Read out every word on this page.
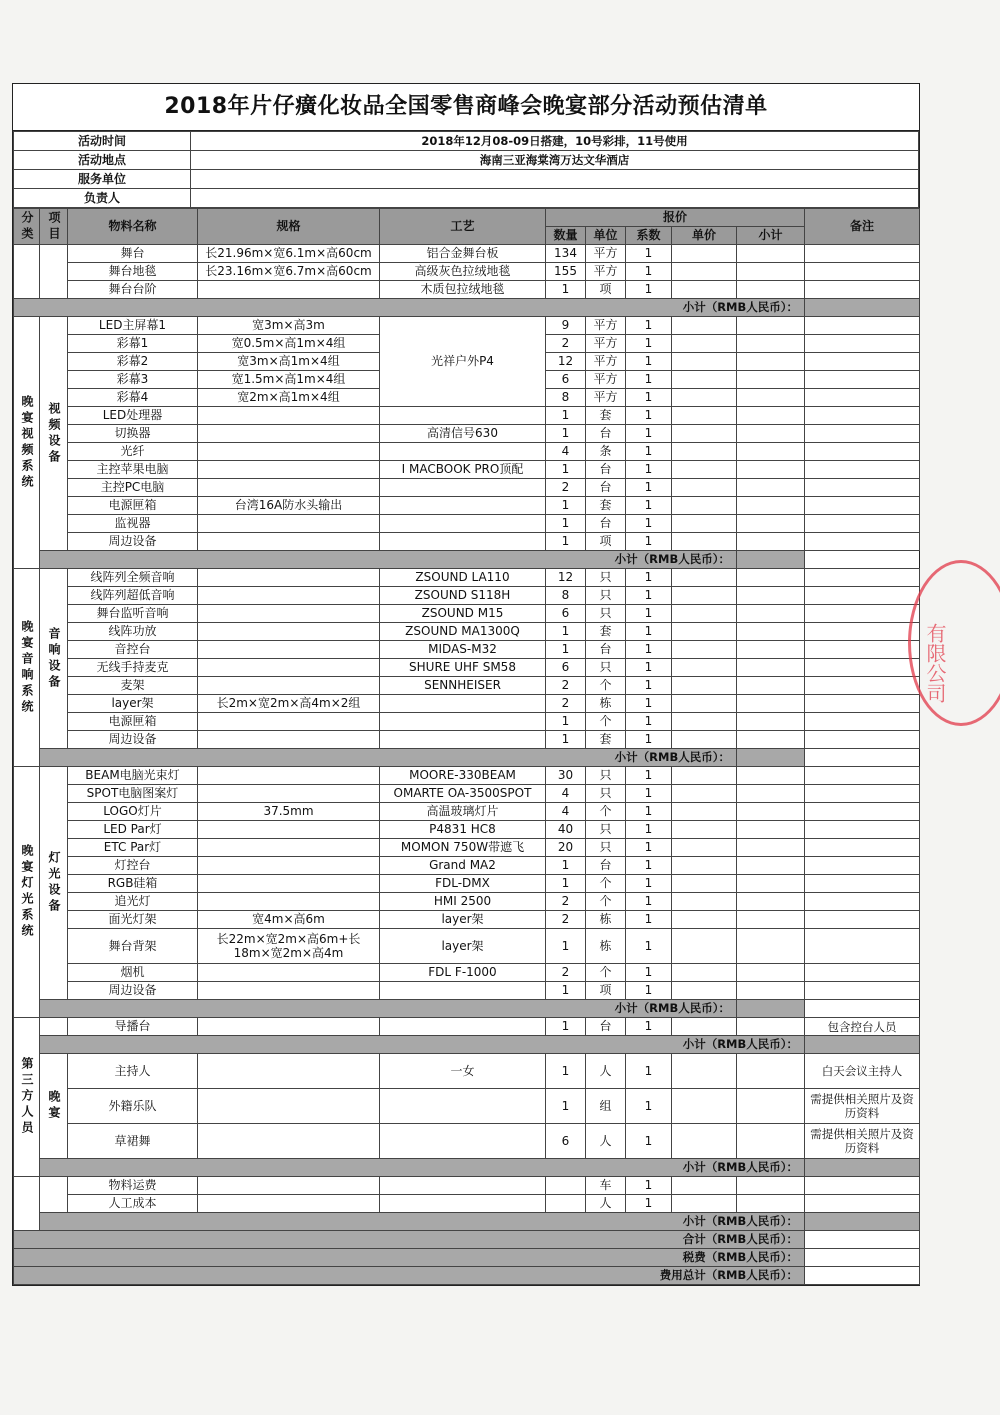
2018年片仔癀化妆品全国零售商峰会晚宴部分活动预估清单
活动时间	2018年12月08-09日搭建，10号彩排，11号使用
活动地点	海南三亚海棠湾万达文华酒店
服务单位	
负责人	
分类	项目	物料名称	规格	工艺	报价					备注
					数量	单位	系数	单价	小计	
		舞台	长21.96m×宽6.1m×高60cm	铝合金舞台板	134	平方	1			
		舞台地毯	长23.16m×宽6.7m×高60cm	高级灰色拉绒地毯	155	平方	1			
		舞台台阶		木质包拉绒地毯	1	项	1			
小计（RMB人民币）：										

晚宴视频系统	视频设备	LED主屏幕1	宽3m×高3m	光祥户外P4	9	平方	1			
		彩幕1	宽0.5m×高1m×4组		2	平方	1			
		彩幕2	宽3m×高1m×4组		12	平方	1			
		彩幕3	宽1.5m×高1m×4组		6	平方	1			
		彩幕4	宽2m×高1m×4组		8	平方	1			
		LED处理器			1	套	1			
		切换器		高清信号630	1	台	1			
		光纤			4	条	1			
		主控苹果电脑		I MACBOOK PRO顶配	1	台	1			
		主控PC电脑			2	台	1			
		电源匣箱	台湾16A防水头输出		1	套	1			
		监视器			1	台	1			
		周边设备			1	项	1			
	小计（RMB人民币）：									

晚宴音响系统	音响设备	线阵列全频音响		ZSOUND LA110	12	只	1			
		线阵列超低音响		ZSOUND S118H	8	只	1			
		舞台监听音响		ZSOUND M15	6	只	1			
		线阵功放		ZSOUND MA1300Q	1	套	1			
		音控台		MIDAS-M32	1	台	1			
		无线手持麦克		SHURE UHF SM58	6	只	1			
		麦架		SENNHEISER	2	个	1			
		layer架	长2m×宽2m×高4m×2组		2	栋	1			
		电源匣箱			1	个	1			
		周边设备			1	套	1			
	小计（RMB人民币）：									

晚宴灯光系统	灯光设备	BEAM电脑光束灯		MOORE-330BEAM	30	只	1			
		SPOT电脑图案灯		OMARTE OA-3500SPOT	4	只	1			
		LOGO灯片	37.5mm	高温玻璃灯片	4	个	1			
		LED Par灯		P4831 HC8	40	只	1			
		ETC Par灯		MOMON 750W带遮飞	20	只	1			
		灯控台		Grand MA2	1	台	1			
		RGB硅箱		FDL-DMX	1	个	1			
		追光灯		HMI 2500	2	个	1			
		面光灯架	宽4m×高6m	layer架	2	栋	1			
		舞台背架	长22m×宽2m×高6m+长18m×宽2m×高4m	layer架	1	栋	1			
		烟机		FDL F-1000	2	个	1			
		周边设备			1	项	1			
	小计（RMB人民币）：									

第三方人员		导播台			1	台	1			包含控台人员
	小计（RMB人民币）：									

	晚宴	主持人		一女	1	人	1			白天会议主持人
		外籍乐队			1	组	1			需提供相关照片及资历资料
		草裙舞			6	人	1			需提供相关照片及资历资料
	小计（RMB人民币）：									
		物料运费				车	1			
		人工成本				人	1			
	小计（RMB人民币）：									
合计（RMB人民币）：										
税费（RMB人民币）：										
费用总计（RMB人民币）：										
有限公司
